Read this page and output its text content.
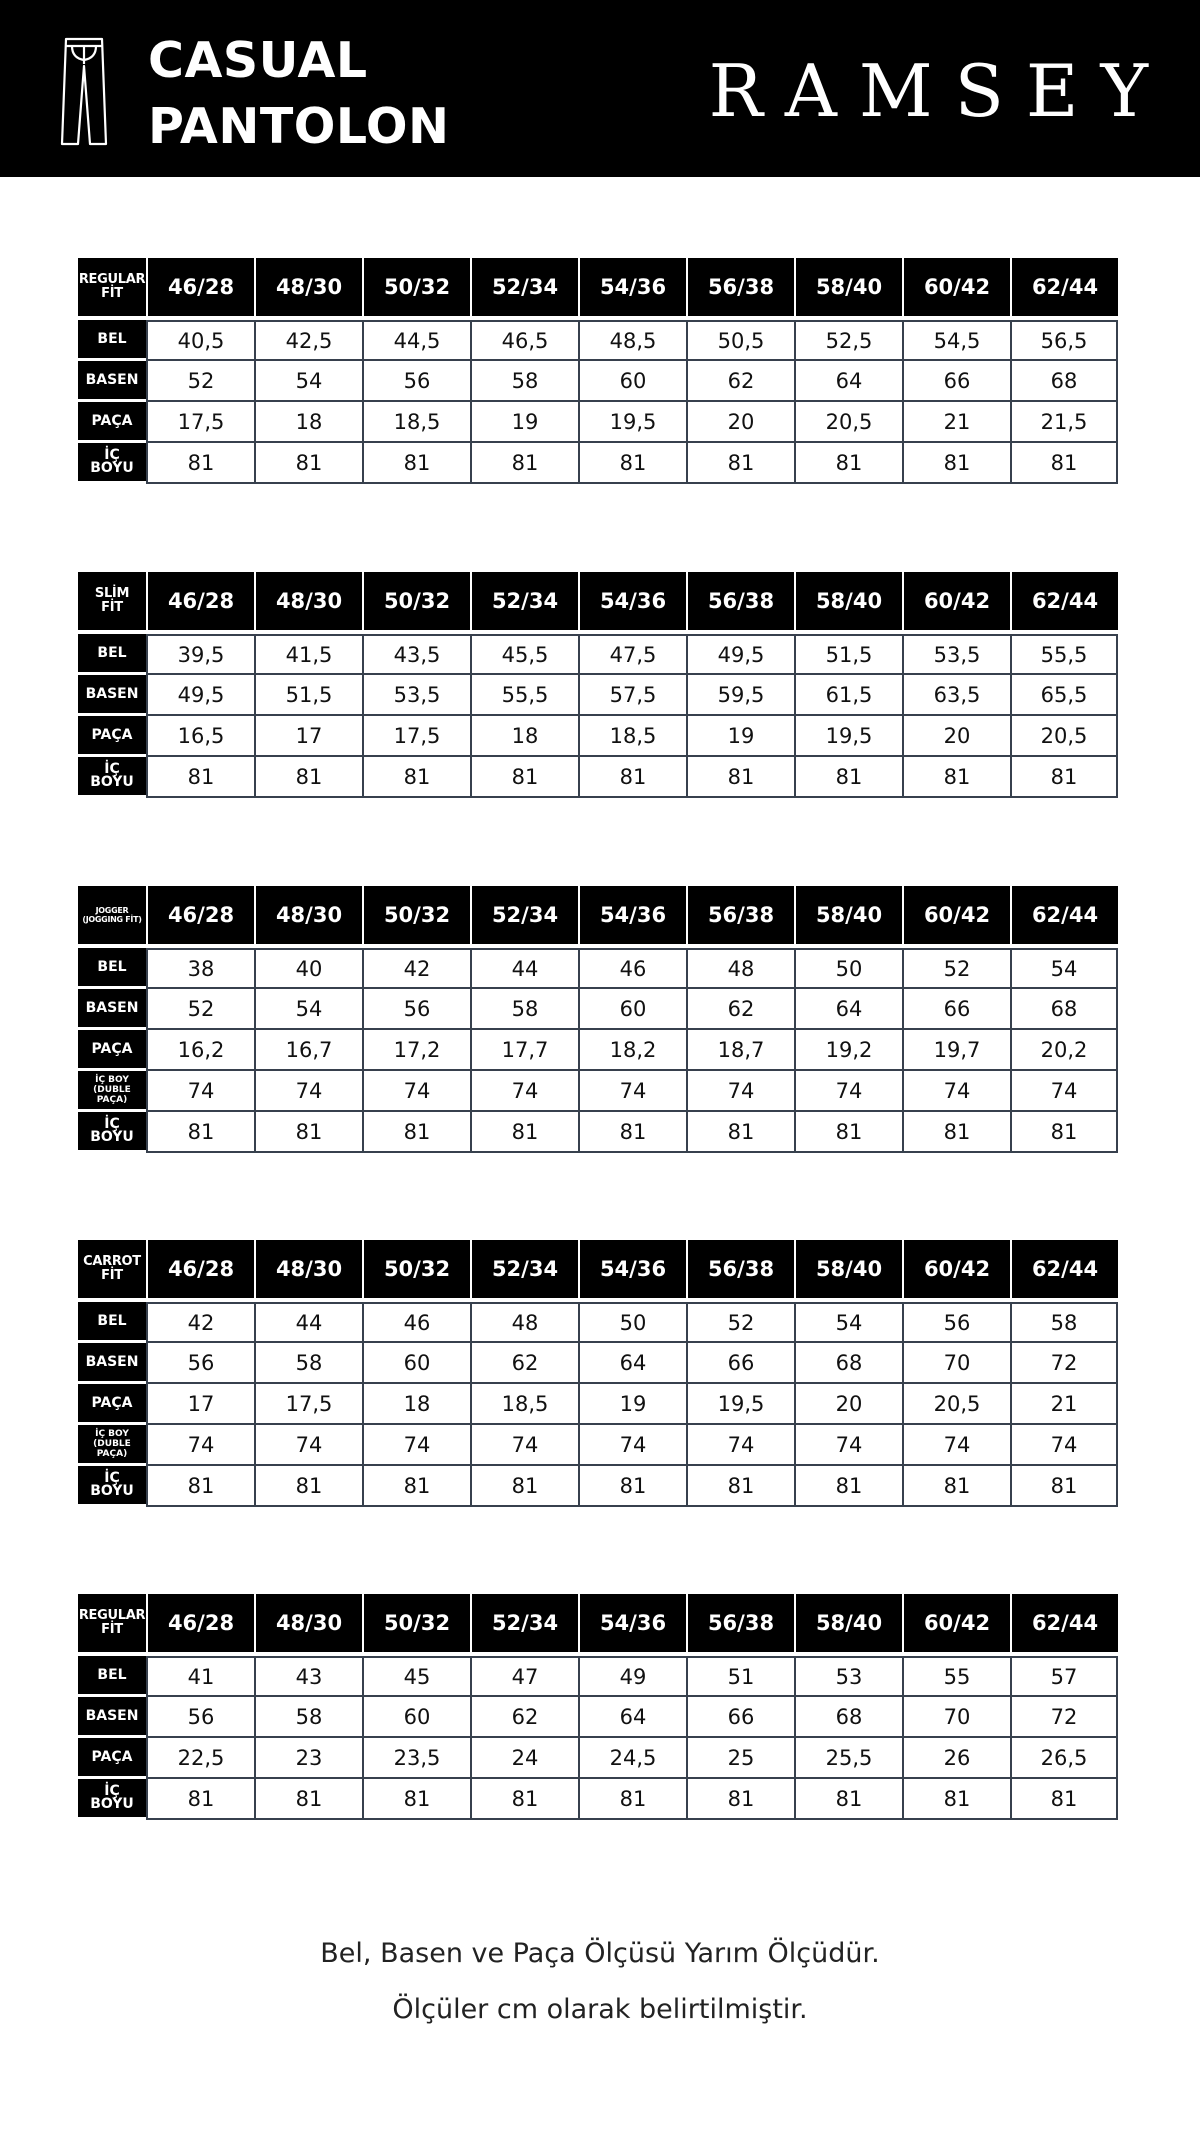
CASUAL
PANTOLON	RAMSEY
REGULAR
FİT	46/28	48/30	50/32	52/34	54/36	56/38	58/40	60/42	62/44

BEL	40,5	42,5	44,5	46,5	48,5	50,5	52,5	54,5	56,5

BASEN	52	54	56	58	60	62	64	66	68

PAÇA	17,5	18	18,5	19	19,5	20	20,5	21	21,5

İÇ
BOYU	81	81	81	81	81	81	81	81	81
SLİM
FİT	46/28	48/30	50/32	52/34	54/36	56/38	58/40	60/42	62/44

BEL	39,5	41,5	43,5	45,5	47,5	49,5	51,5	53,5	55,5

BASEN	49,5	51,5	53,5	55,5	57,5	59,5	61,5	63,5	65,5

PAÇA	16,5	17	17,5	18	18,5	19	19,5	20	20,5

İÇ
BOYU	81	81	81	81	81	81	81	81	81
JOGGER
(JOGGING FİT)	46/28	48/30	50/32	52/34	54/36	56/38	58/40	60/42	62/44

BEL	38	40	42	44	46	48	50	52	54

BASEN	52	54	56	58	60	62	64	66	68

PAÇA	16,2	16,7	17,2	17,7	18,2	18,7	19,2	19,7	20,2

İÇ BOY
(DUBLE PAÇA)	74	74	74	74	74	74	74	74	74

İÇ
BOYU	81	81	81	81	81	81	81	81	81
CARROT
FİT	46/28	48/30	50/32	52/34	54/36	56/38	58/40	60/42	62/44

BEL	42	44	46	48	50	52	54	56	58

BASEN	56	58	60	62	64	66	68	70	72

PAÇA	17	17,5	18	18,5	19	19,5	20	20,5	21

İÇ BOY
(DUBLE PAÇA)	74	74	74	74	74	74	74	74	74

İÇ
BOYU	81	81	81	81	81	81	81	81	81
REGULAR
FİT	46/28	48/30	50/32	52/34	54/36	56/38	58/40	60/42	62/44

BEL	41	43	45	47	49	51	53	55	57

BASEN	56	58	60	62	64	66	68	70	72

PAÇA	22,5	23	23,5	24	24,5	25	25,5	26	26,5

İÇ
BOYU	81	81	81	81	81	81	81	81	81
Bel, Basen ve Paça Ölçüsü Yarım Ölçüdür.
Ölçüler cm olarak belirtilmiştir.
